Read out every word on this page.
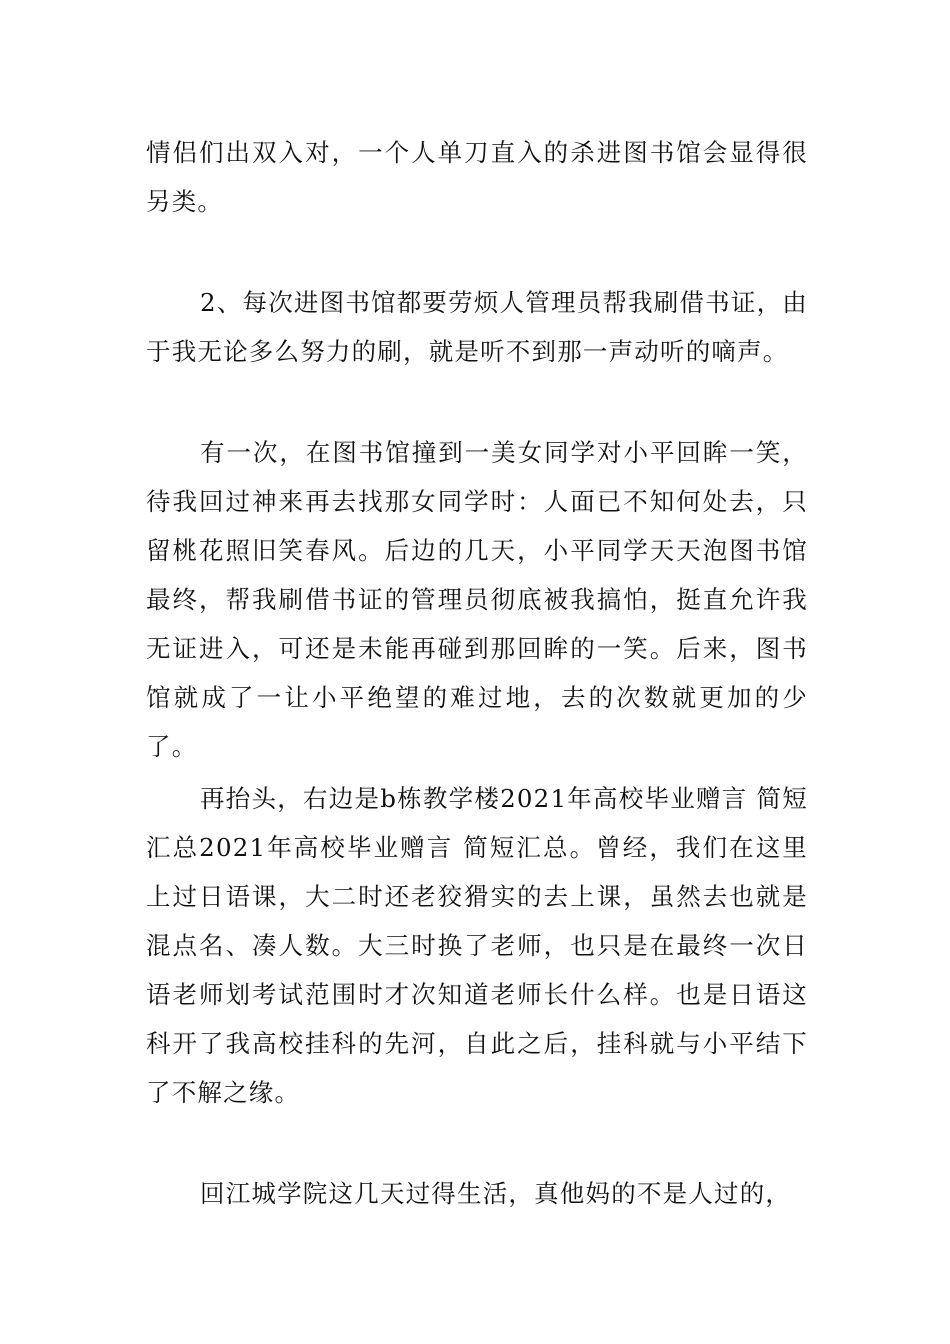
情侣们出双入对，一个人单刀直入的杀进图书馆会显得很另类。

2、每次进图书馆都要劳烦人管理员帮我刷借书证，由于我无论多么努力的刷，就是听不到那一声动听的嘀声。

有一次，在图书馆撞到一美女同学对小平回眸一笑，待我回过神来再去找那女同学时：人面已不知何处去，只留桃花照旧笑春风。后边的几天，小平同学天天泡图书馆最终，帮我刷借书证的管理员彻底被我搞怕，挺直允许我无证进入，可还是未能再碰到那回眸的一笑。后来，图书馆就成了一让小平绝望的难过地，去的次数就更加的少了。

再抬头，右边是b栋教学楼2021年高校毕业赠言 简短汇总2021年高校毕业赠言 简短汇总。曾经，我们在这里上过日语课，大二时还老狡猾实的去上课，虽然去也就是混点名、凑人数。大三时换了老师，也只是在最终一次日语老师划考试范围时才次知道老师长什么样。也是日语这科开了我高校挂科的先河，自此之后，挂科就与小平结下了不解之缘。

回江城学院这几天过得生活，真他妈的不是人过的，
